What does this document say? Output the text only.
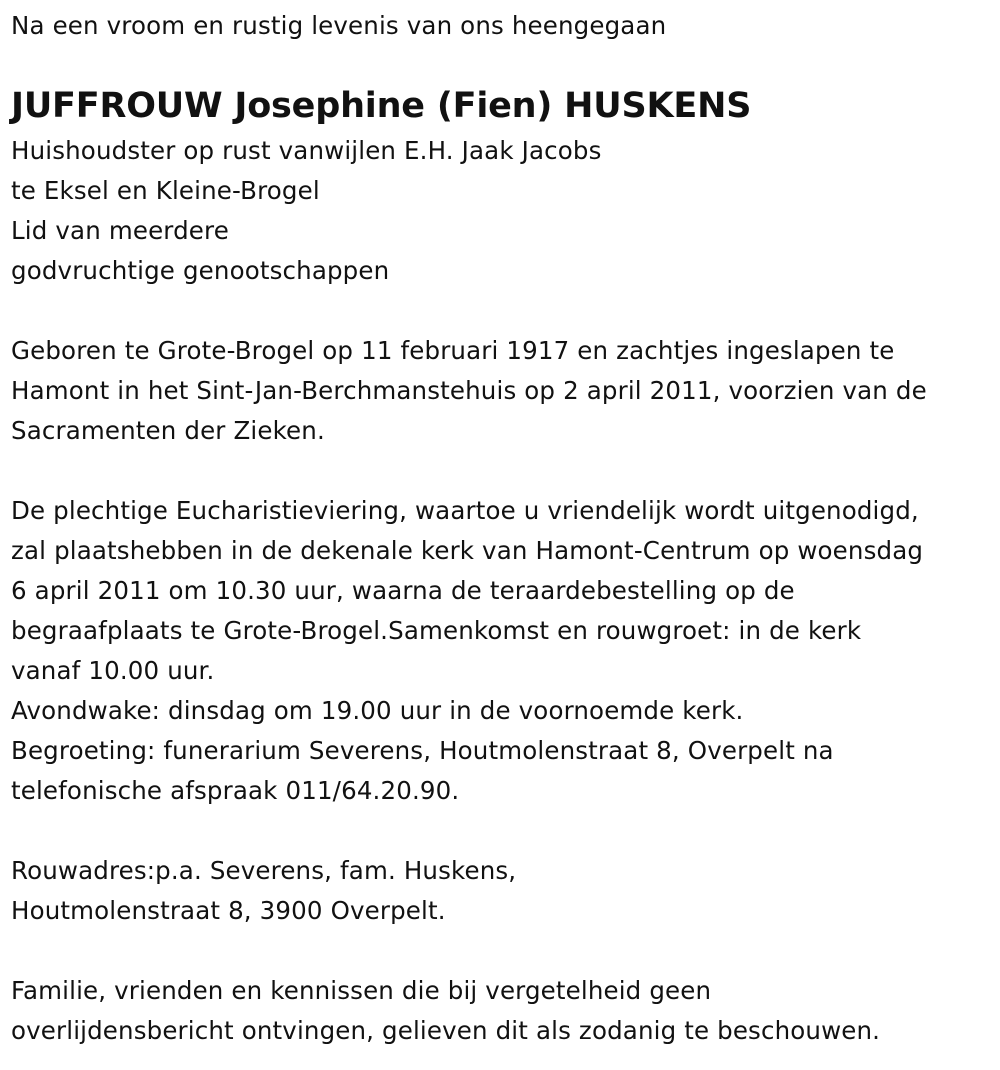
Na een vroom en rustig levenis van ons heengegaan
JUFFROUW Josephine (Fien) HUSKENS
Huishoudster op rust vanwijlen E.H. Jaak Jacobs
te Eksel en Kleine-Brogel
Lid van meerdere
godvruchtige genootschappen
Geboren te Grote-Brogel op 11 februari 1917 en zachtjes ingeslapen te
Hamont in het Sint-Jan-Berchmanstehuis op 2 april 2011, voorzien van de
Sacramenten der Zieken.
De plechtige Eucharistieviering, waartoe u vriendelijk wordt uitgenodigd,
zal plaatshebben in de dekenale kerk van Hamont-Centrum op woensdag
6 april 2011 om 10.30 uur, waarna de teraardebestelling op de
begraafplaats te Grote-Brogel.Samenkomst en rouwgroet: in de kerk
vanaf 10.00 uur.
Avondwake: dinsdag om 19.00 uur in de voornoemde kerk.
Begroeting: funerarium Severens, Houtmolenstraat 8, Overpelt na
telefonische afspraak 011/64.20.90.
Rouwadres:p.a. Severens, fam. Huskens,
Houtmolenstraat 8, 3900 Overpelt.
Familie, vrienden en kennissen die bij vergetelheid geen
overlijdensbericht ontvingen, gelieven dit als zodanig te beschouwen.
